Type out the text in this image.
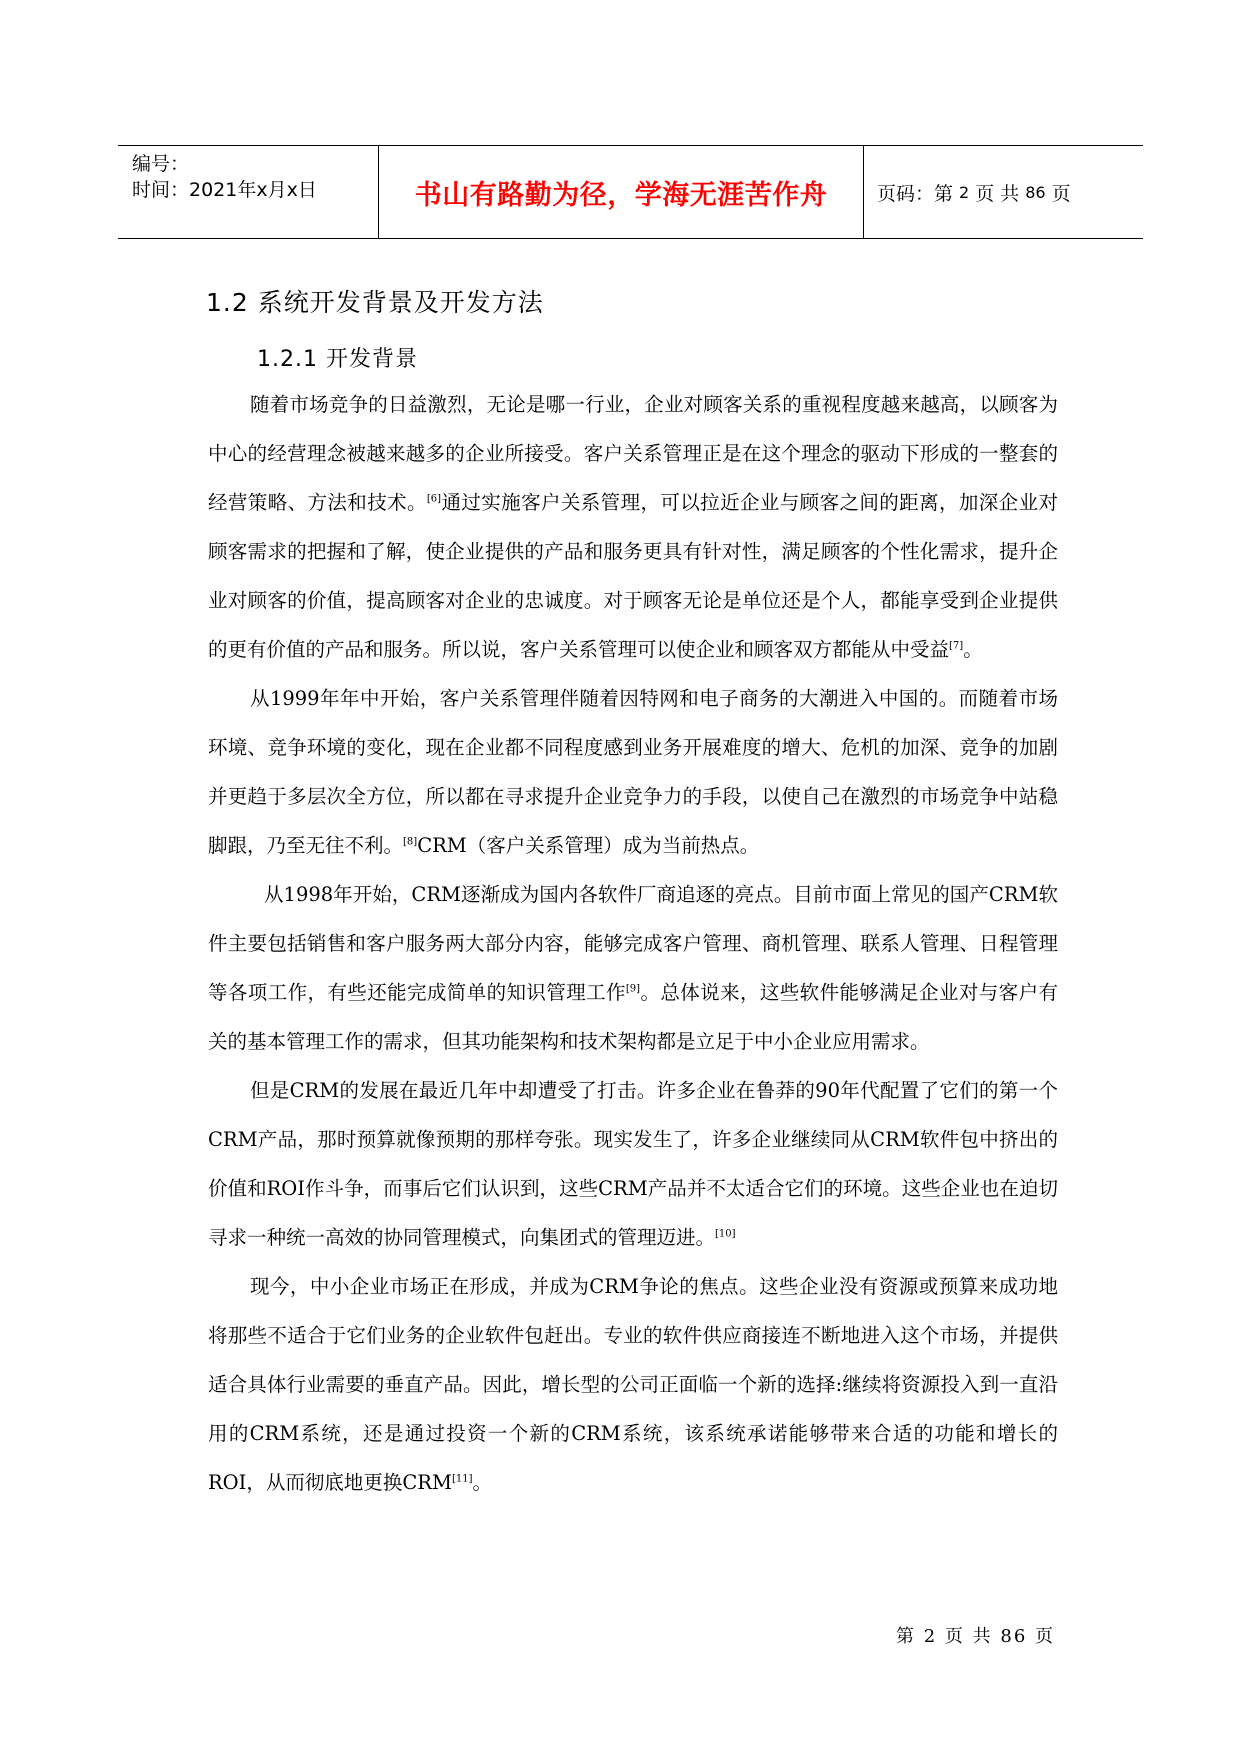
编号：
时间：2021年x月x日	书山有路勤为径，学海无涯苦作舟	页码：第 2 页 共 86 页
1.2 系统开发背景及开发方法
1.2.1 开发背景

随着市场竞争的日益激烈，无论是哪一行业，企业对顾客关系的重视程度越来越高，以顾客为中心的经营理念被越来越多的企业所接受。客户关系管理正是在这个理念的驱动下形成的一整套的经营策略、方法和技术。[6]通过实施客户关系管理，可以拉近企业与顾客之间的距离，加深企业对顾客需求的把握和了解，使企业提供的产品和服务更具有针对性，满足顾客的个性化需求，提升企业对顾客的价值，提高顾客对企业的忠诚度。对于顾客无论是单位还是个人，都能享受到企业提供的更有价值的产品和服务。所以说，客户关系管理可以使企业和顾客双方都能从中受益[7]。

从1999年年中开始，客户关系管理伴随着因特网和电子商务的大潮进入中国的。而随着市场环境、竞争环境的变化，现在企业都不同程度感到业务开展难度的增大、危机的加深、竞争的加剧并更趋于多层次全方位，所以都在寻求提升企业竞争力的手段，以使自己在激烈的市场竞争中站稳脚跟，乃至无往不利。[8]CRM（客户关系管理）成为当前热点。

从1998年开始，CRM逐渐成为国内各软件厂商追逐的亮点。目前市面上常见的国产CRM软件主要包括销售和客户服务两大部分内容，能够完成客户管理、商机管理、联系人管理、日程管理等各项工作，有些还能完成简单的知识管理工作[9]。总体说来，这些软件能够满足企业对与客户有关的基本管理工作的需求，但其功能架构和技术架构都是立足于中小企业应用需求。

但是CRM的发展在最近几年中却遭受了打击。许多企业在鲁莽的90年代配置了它们的第一个CRM产品，那时预算就像预期的那样夸张。现实发生了，许多企业继续同从CRM软件包中挤出的价值和ROI作斗争，而事后它们认识到，这些CRM产品并不太适合它们的环境。这些企业也在迫切寻求一种统一高效的协同管理模式，向集团式的管理迈进。[10]

现今，中小企业市场正在形成，并成为CRM争论的焦点。这些企业没有资源或预算来成功地将那些不适合于它们业务的企业软件包赶出。专业的软件供应商接连不断地进入这个市场，并提供适合具体行业需要的垂直产品。因此，增长型的公司正面临一个新的选择:继续将资源投入到一直沿用的CRM系统，还是通过投资一个新的CRM系统，该系统承诺能够带来合适的功能和增长的ROI，从而彻底地更换CRM[11]。

第 2 页 共 86 页
